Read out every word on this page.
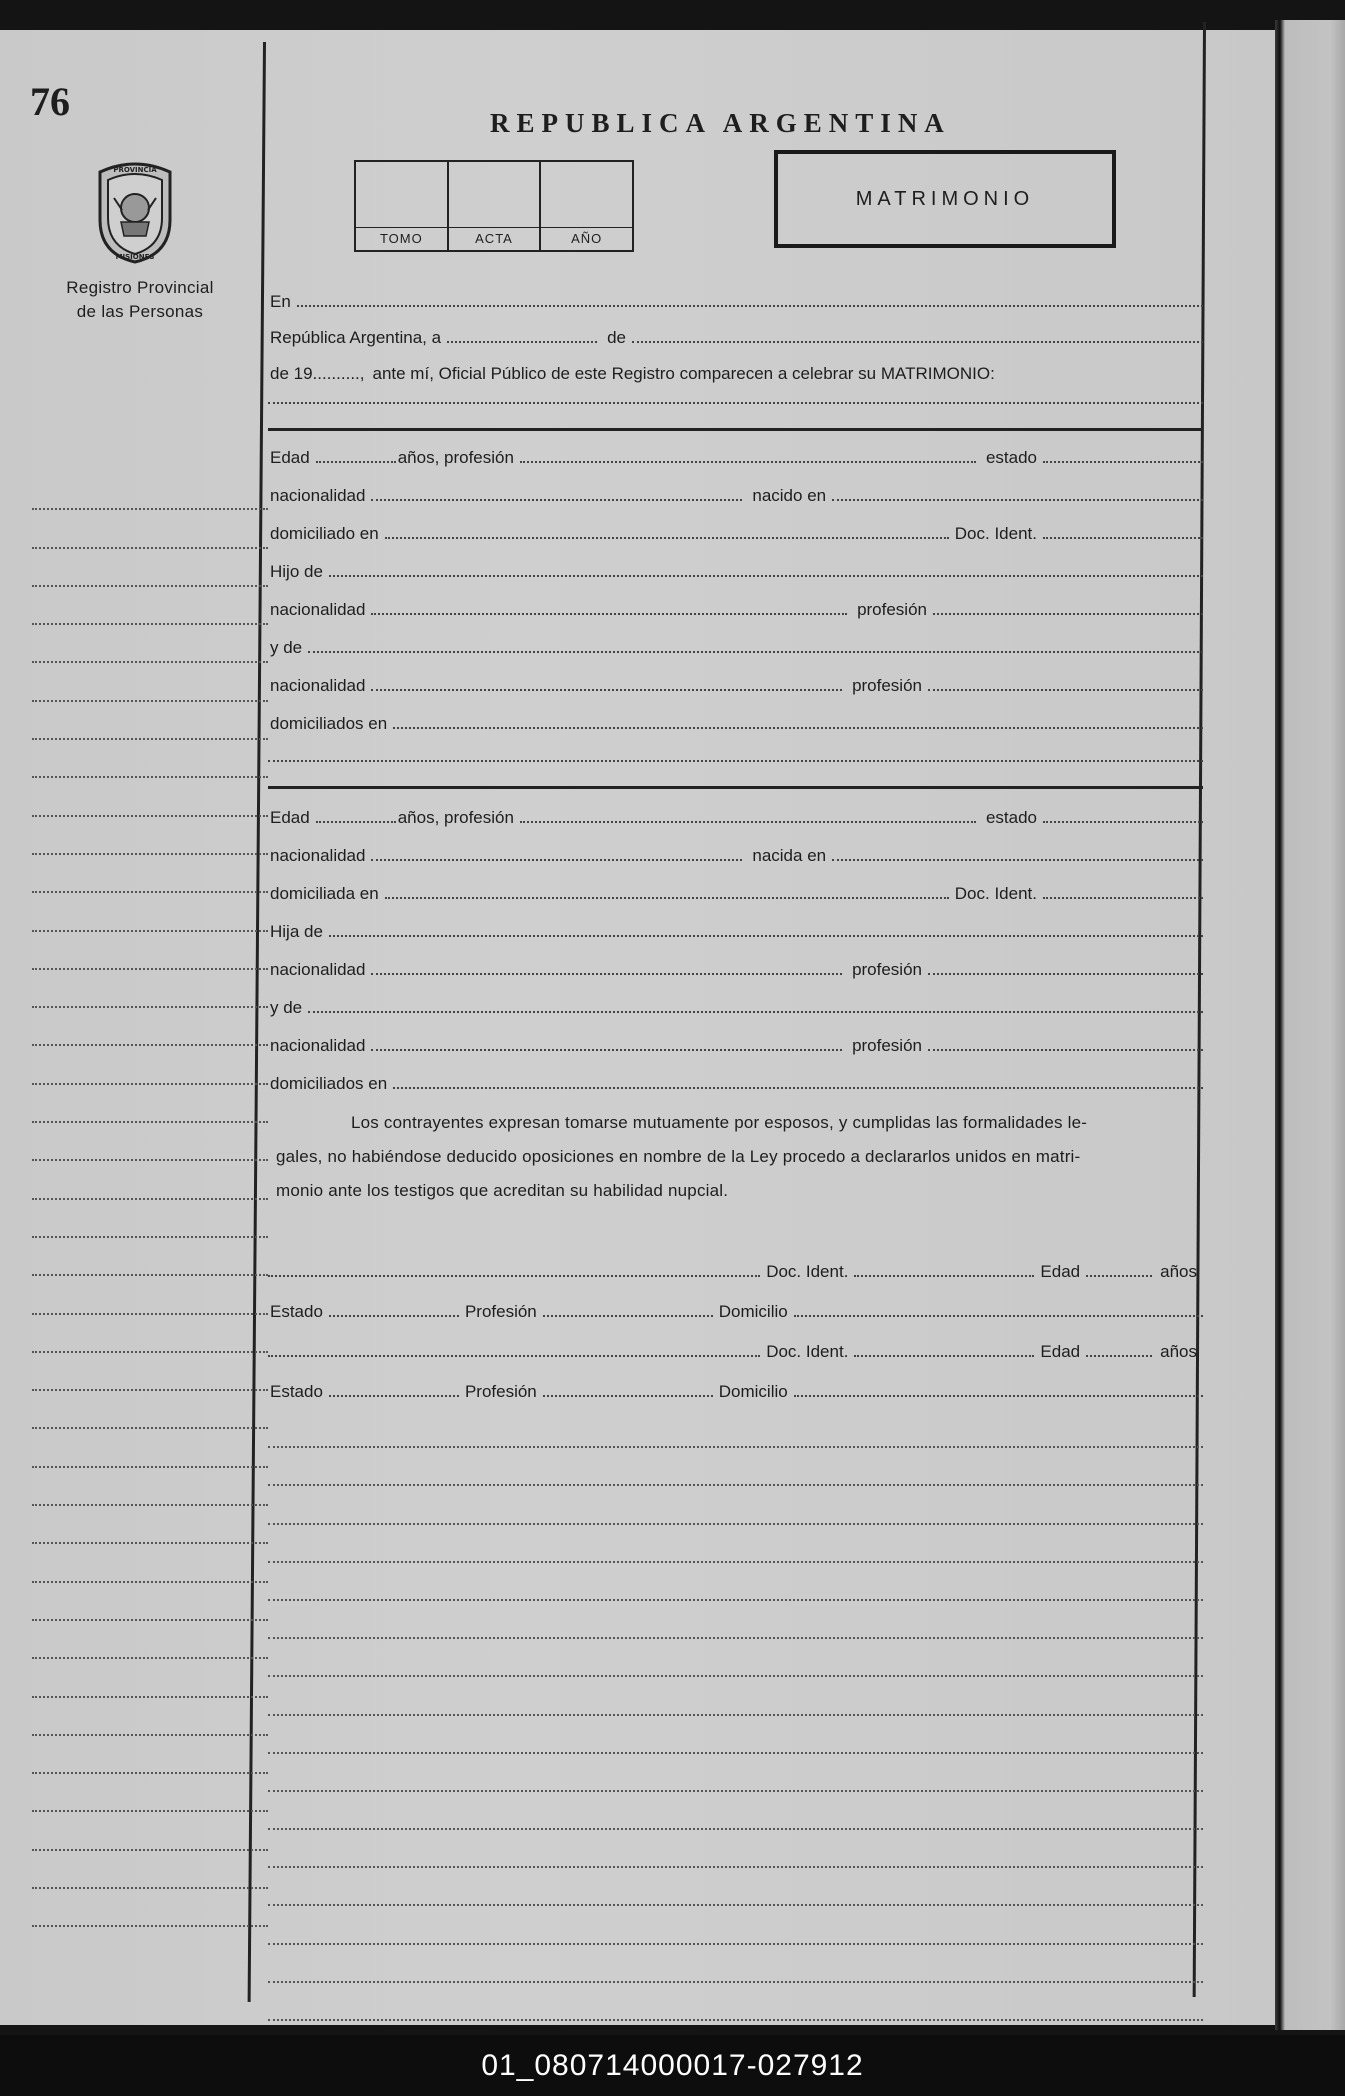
76
PROVINCIA
MISIONES
Registro Provincial
de las Personas
REPUBLICA ARGENTINA
TOMO	ACTA	AÑO
MATRIMONIO
En
República Argentina, a	de
de 19.........., ante mí, Oficial Público de este Registro comparecen a celebrar su MATRIMONIO:
Edad	años, profesión	estado
nacionalidad	nacido en
domiciliado en	Doc. Ident.
Hijo de
nacionalidad	profesión
y de
nacionalidad	profesión
domiciliados en
Edad	años, profesión	estado
nacionalidad	nacida en
domiciliada en	Doc. Ident.
Hija de
nacionalidad	profesión
y de
nacionalidad	profesión
domiciliados en
Los contrayentes expresan tomarse mutuamente por esposos, y cumplidas las formalidades le-
gales, no habiéndose deducido oposiciones en nombre de la Ley procedo a declararlos unidos en matri-
monio ante los testigos que acreditan su habilidad nupcial.
Doc. Ident.	Edad	años
Estado	Profesión	Domicilio
Doc. Ident.	Edad	años
Estado	Profesión	Domicilio
01_080714000017-027912
